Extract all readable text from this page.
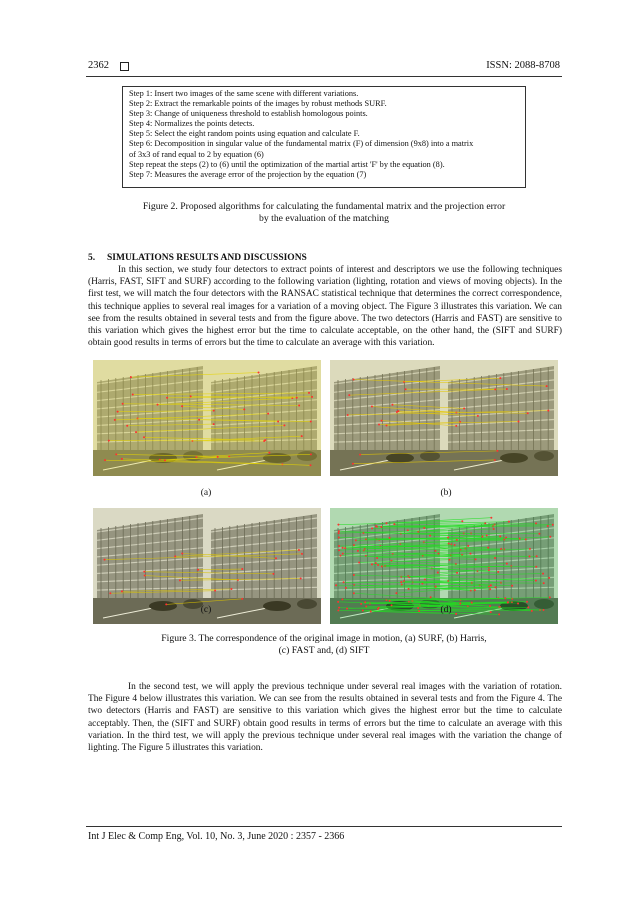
2362	ISSN: 2088-8708
Step 1: Insert two images of the same scene with different variations.
Step 2: Extract the remarkable points of the images by robust methods SURF.
Step 3: Change of uniqueness threshold to establish homologous points.
Step 4: Normalizes the points detects.
Step 5: Select the eight random points using equation and calculate F.
Step 6: Decomposition in singular value of the fundamental matrix (F) of dimension (9x8) into a matrix
of 3x3 of rand equal to 2 by equation (6)
Step repeat the steps (2) to (6) until the optimization of the martial artist 'F' by the equation (8).
Step 7: Measures the average error of the projection by the equation (7)
Figure 2. Proposed algorithms for calculating the fundamental matrix and the projection error
by the evaluation of the matching
5.     SIMULATIONS RESULTS AND DISCUSSIONS
In this section, we study four detectors to extract points of interest and descriptors we use the following techniques (Harris, FAST, SIFT and SURF) according to the following variation (lighting, rotation and views of moving objects). In the first test, we will match the four detectors with the RANSAC statistical technique that determines the correct correspondence, this technique applies to several real images for a variation of a moving object. The Figure 3 illustrates this variation. We can see from the results obtained in several tests and from the figure above. The two detectors (Harris and FAST) are sensitive to this variation which gives the highest error but the time to calculate acceptable, on the other hand, the (SIFT and SURF) obtain good results in terms of errors but the time to calculate an average with this variation.
(a)	(b)
(c)	(d)
Figure 3. The correspondence of the original image in motion, (a) SURF, (b) Harris,
(c) FAST and, (d) SIFT
In the second test, we will apply the previous technique under several real images with the variation of rotation. The Figure 4 below illustrates this variation. We can see from the results obtained in several tests and from the Figure 4. The two detectors (Harris and FAST) are sensitive to this variation which gives the highest error but the time to calculate acceptably. Then, the (SIFT and SURF) obtain good results in terms of errors but the time to calculate an average with this variation. In the third test, we will apply the previous technique under several real images with the variation the change of lighting. The Figure 5 illustrates this variation.
Int J Elec & Comp Eng, Vol. 10, No. 3, June 2020 : 2357 - 2366
